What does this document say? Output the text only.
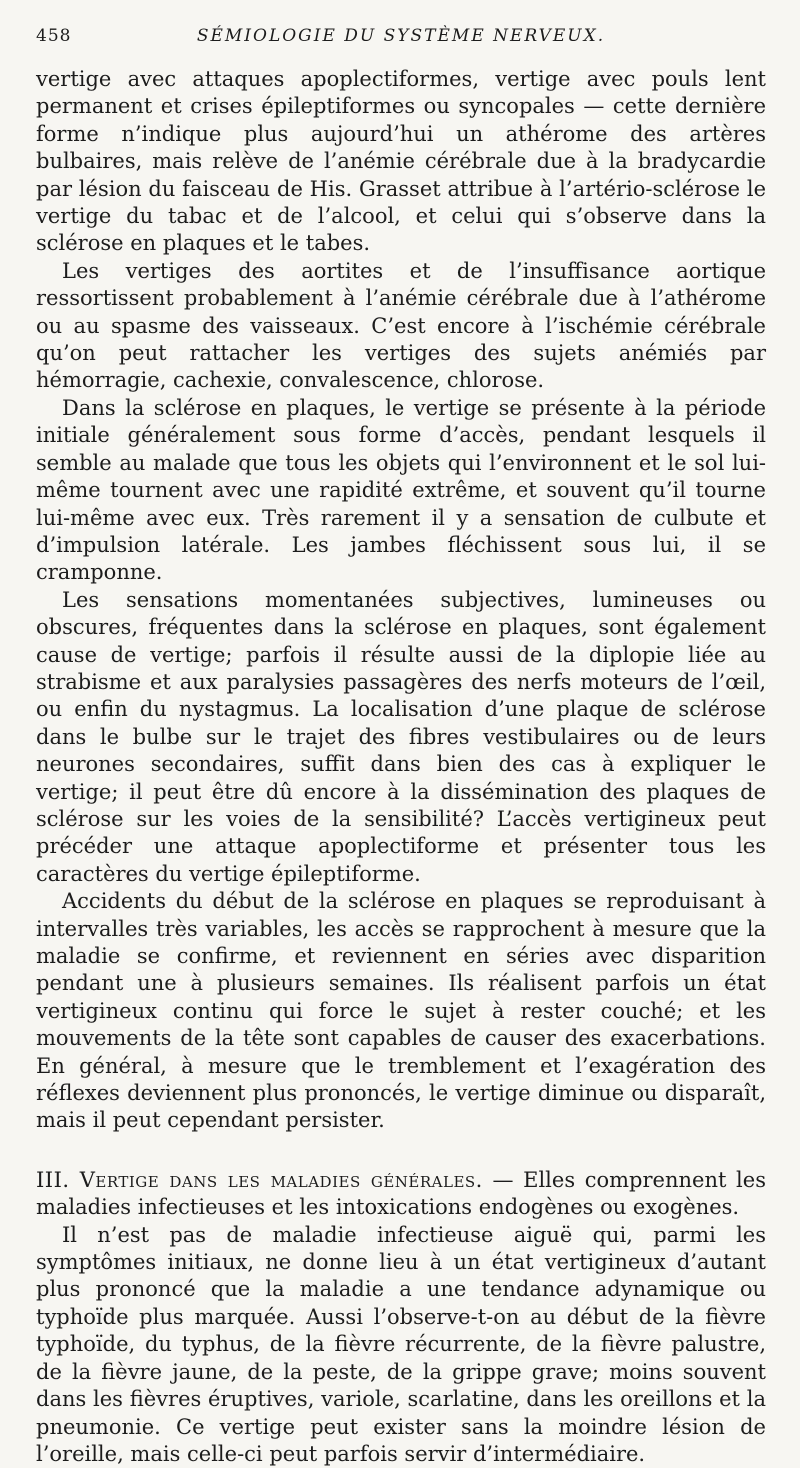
458	SÉMIOLOGIE DU SYSTÈME NERVEUX.

vertige avec attaques apoplectiformes, vertige avec pouls lent permanent et crises épileptiformes ou syncopales — cette dernière forme n’indique plus aujourd’hui un athérome des artères bulbaires, mais relève de l’anémie cérébrale due à la bradycardie par lésion du faisceau de His. Grasset attribue à l’artério-sclérose le vertige du tabac et de l’alcool, et celui qui s’observe dans la sclérose en plaques et le tabes.

Les vertiges des aortites et de l’insuffisance aortique ressortissent probablement à l’anémie cérébrale due à l’athérome ou au spasme des vaisseaux. C’est encore à l’ischémie cérébrale qu’on peut rattacher les vertiges des sujets anémiés par hémorragie, cachexie, convalescence, chlorose.

Dans la sclérose en plaques, le vertige se présente à la période initiale généralement sous forme d’accès, pendant lesquels il semble au malade que tous les objets qui l’environnent et le sol lui-même tournent avec une rapidité extrême, et souvent qu’il tourne lui-même avec eux. Très rarement il y a sensation de culbute et d’impulsion latérale. Les jambes fléchissent sous lui, il se cramponne.

Les sensations momentanées subjectives, lumineuses ou obscures, fréquentes dans la sclérose en plaques, sont également cause de vertige; parfois il résulte aussi de la diplopie liée au strabisme et aux paralysies passagères des nerfs moteurs de l’œil, ou enfin du nystagmus. La localisation d’une plaque de sclérose dans le bulbe sur le trajet des fibres vestibulaires ou de leurs neurones secondaires, suffit dans bien des cas à expliquer le vertige; il peut être dû encore à la dissémination des plaques de sclérose sur les voies de la sensibilité? L’accès vertigineux peut précéder une attaque apoplectiforme et présenter tous les caractères du vertige épileptiforme.

Accidents du début de la sclérose en plaques se reproduisant à intervalles très variables, les accès se rapprochent à mesure que la maladie se confirme, et reviennent en séries avec disparition pendant une à plusieurs semaines. Ils réalisent parfois un état vertigineux continu qui force le sujet à rester couché; et les mouvements de la tête sont capables de causer des exacerbations. En général, à mesure que le tremblement et l’exagération des réflexes deviennent plus prononcés, le vertige diminue ou disparaît, mais il peut cependant persister.

III. Vertige dans les maladies générales. — Elles comprennent les maladies infectieuses et les intoxications endogènes ou exogènes.

Il n’est pas de maladie infectieuse aiguë qui, parmi les symptômes initiaux, ne donne lieu à un état vertigineux d’autant plus prononcé que la maladie a une tendance adynamique ou typhoïde plus marquée. Aussi l’observe-t-on au début de la fièvre typhoïde, du typhus, de la fièvre récurrente, de la fièvre palustre, de la fièvre jaune, de la peste, de la grippe grave; moins souvent dans les fièvres éruptives, variole, scarlatine, dans les oreillons et la pneumonie. Ce vertige peut exister sans la moindre lésion de l’oreille, mais celle-ci peut parfois servir d’intermédiaire.
